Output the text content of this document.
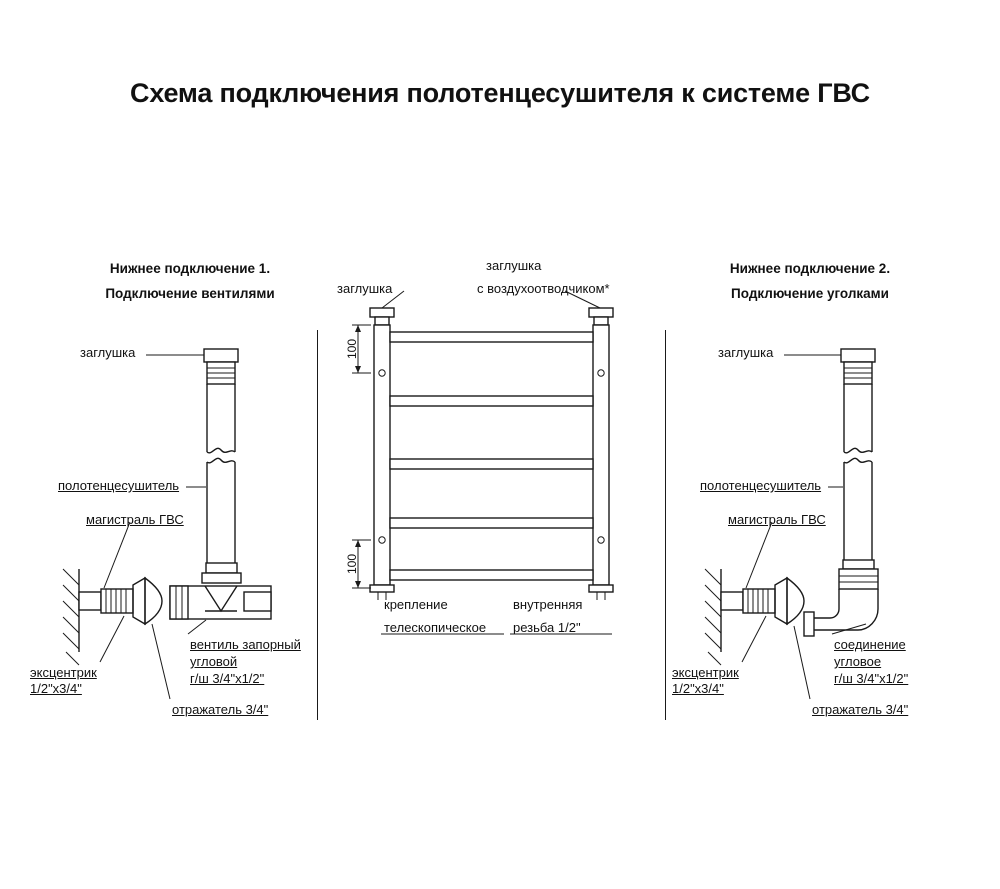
Схема подключения полотенцесушителя к системе ГВС
Нижнее подключение 1.
Подключение вентилями	заглушка
заглушка
с воздухоотводчиком*
Нижнее подключение 2.
Подключение уголками
заглушка
полотенцесушитель
магистраль ГВС
эксцентрик
1/2"х3/4"
отражатель 3/4"
вентиль запорный
угловой
г/ш 3/4"х1/2"
крепление
телескопическое
внутренняя
резьба 1/2"
заглушка
полотенцесушитель
магистраль ГВС
эксцентрик
1/2"х3/4"
отражатель 3/4"
соединение
угловое
г/ш 3/4"х1/2"
100
100
